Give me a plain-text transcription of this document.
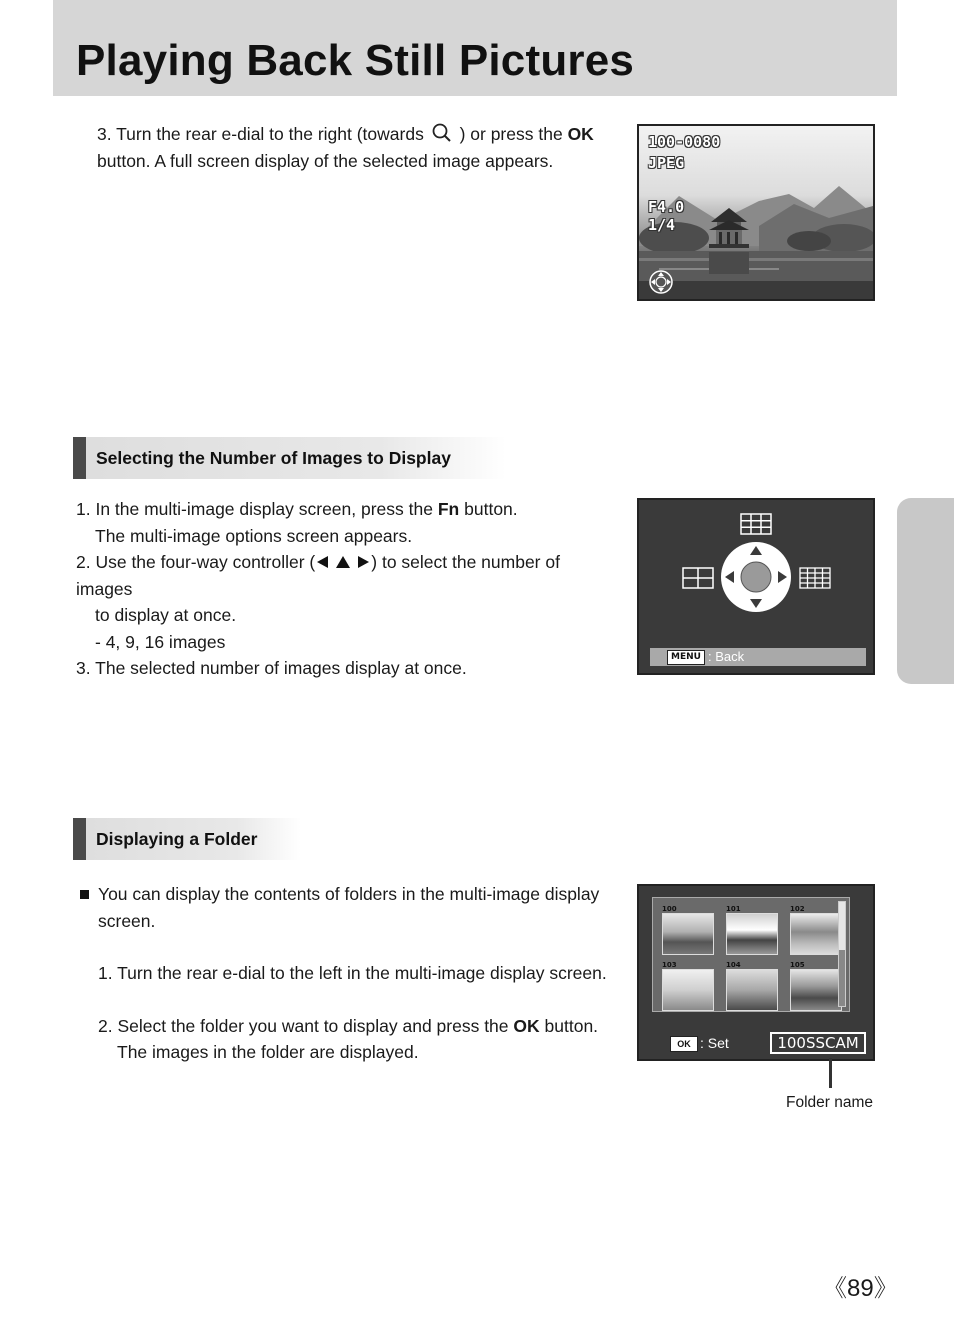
Playing Back Still Pictures
3. Turn the rear e-dial to the right (towards ) or press the OK
button. A full screen display of the selected image appears.
100-0080
JPEG
F4.0
1/4
Selecting the Number of Images to Display
1. In the multi-image display screen, press the Fn button.
The multi-image options screen appears.
2. Use the four-way controller (	) to select the number of images
to display at once.
- 4, 9, 16 images
3. The selected number of images display at once.
MENU : Back
Displaying a Folder
You can display the contents of folders in the multi-image display
screen.
1. Turn the rear e-dial to the left in the multi-image display screen.
2. Select the folder you want to display and press the OK button.
The images in the folder are displayed.
100	101	102
103	104	105
OK : Set	100SSCAM
Folder name
《89》
